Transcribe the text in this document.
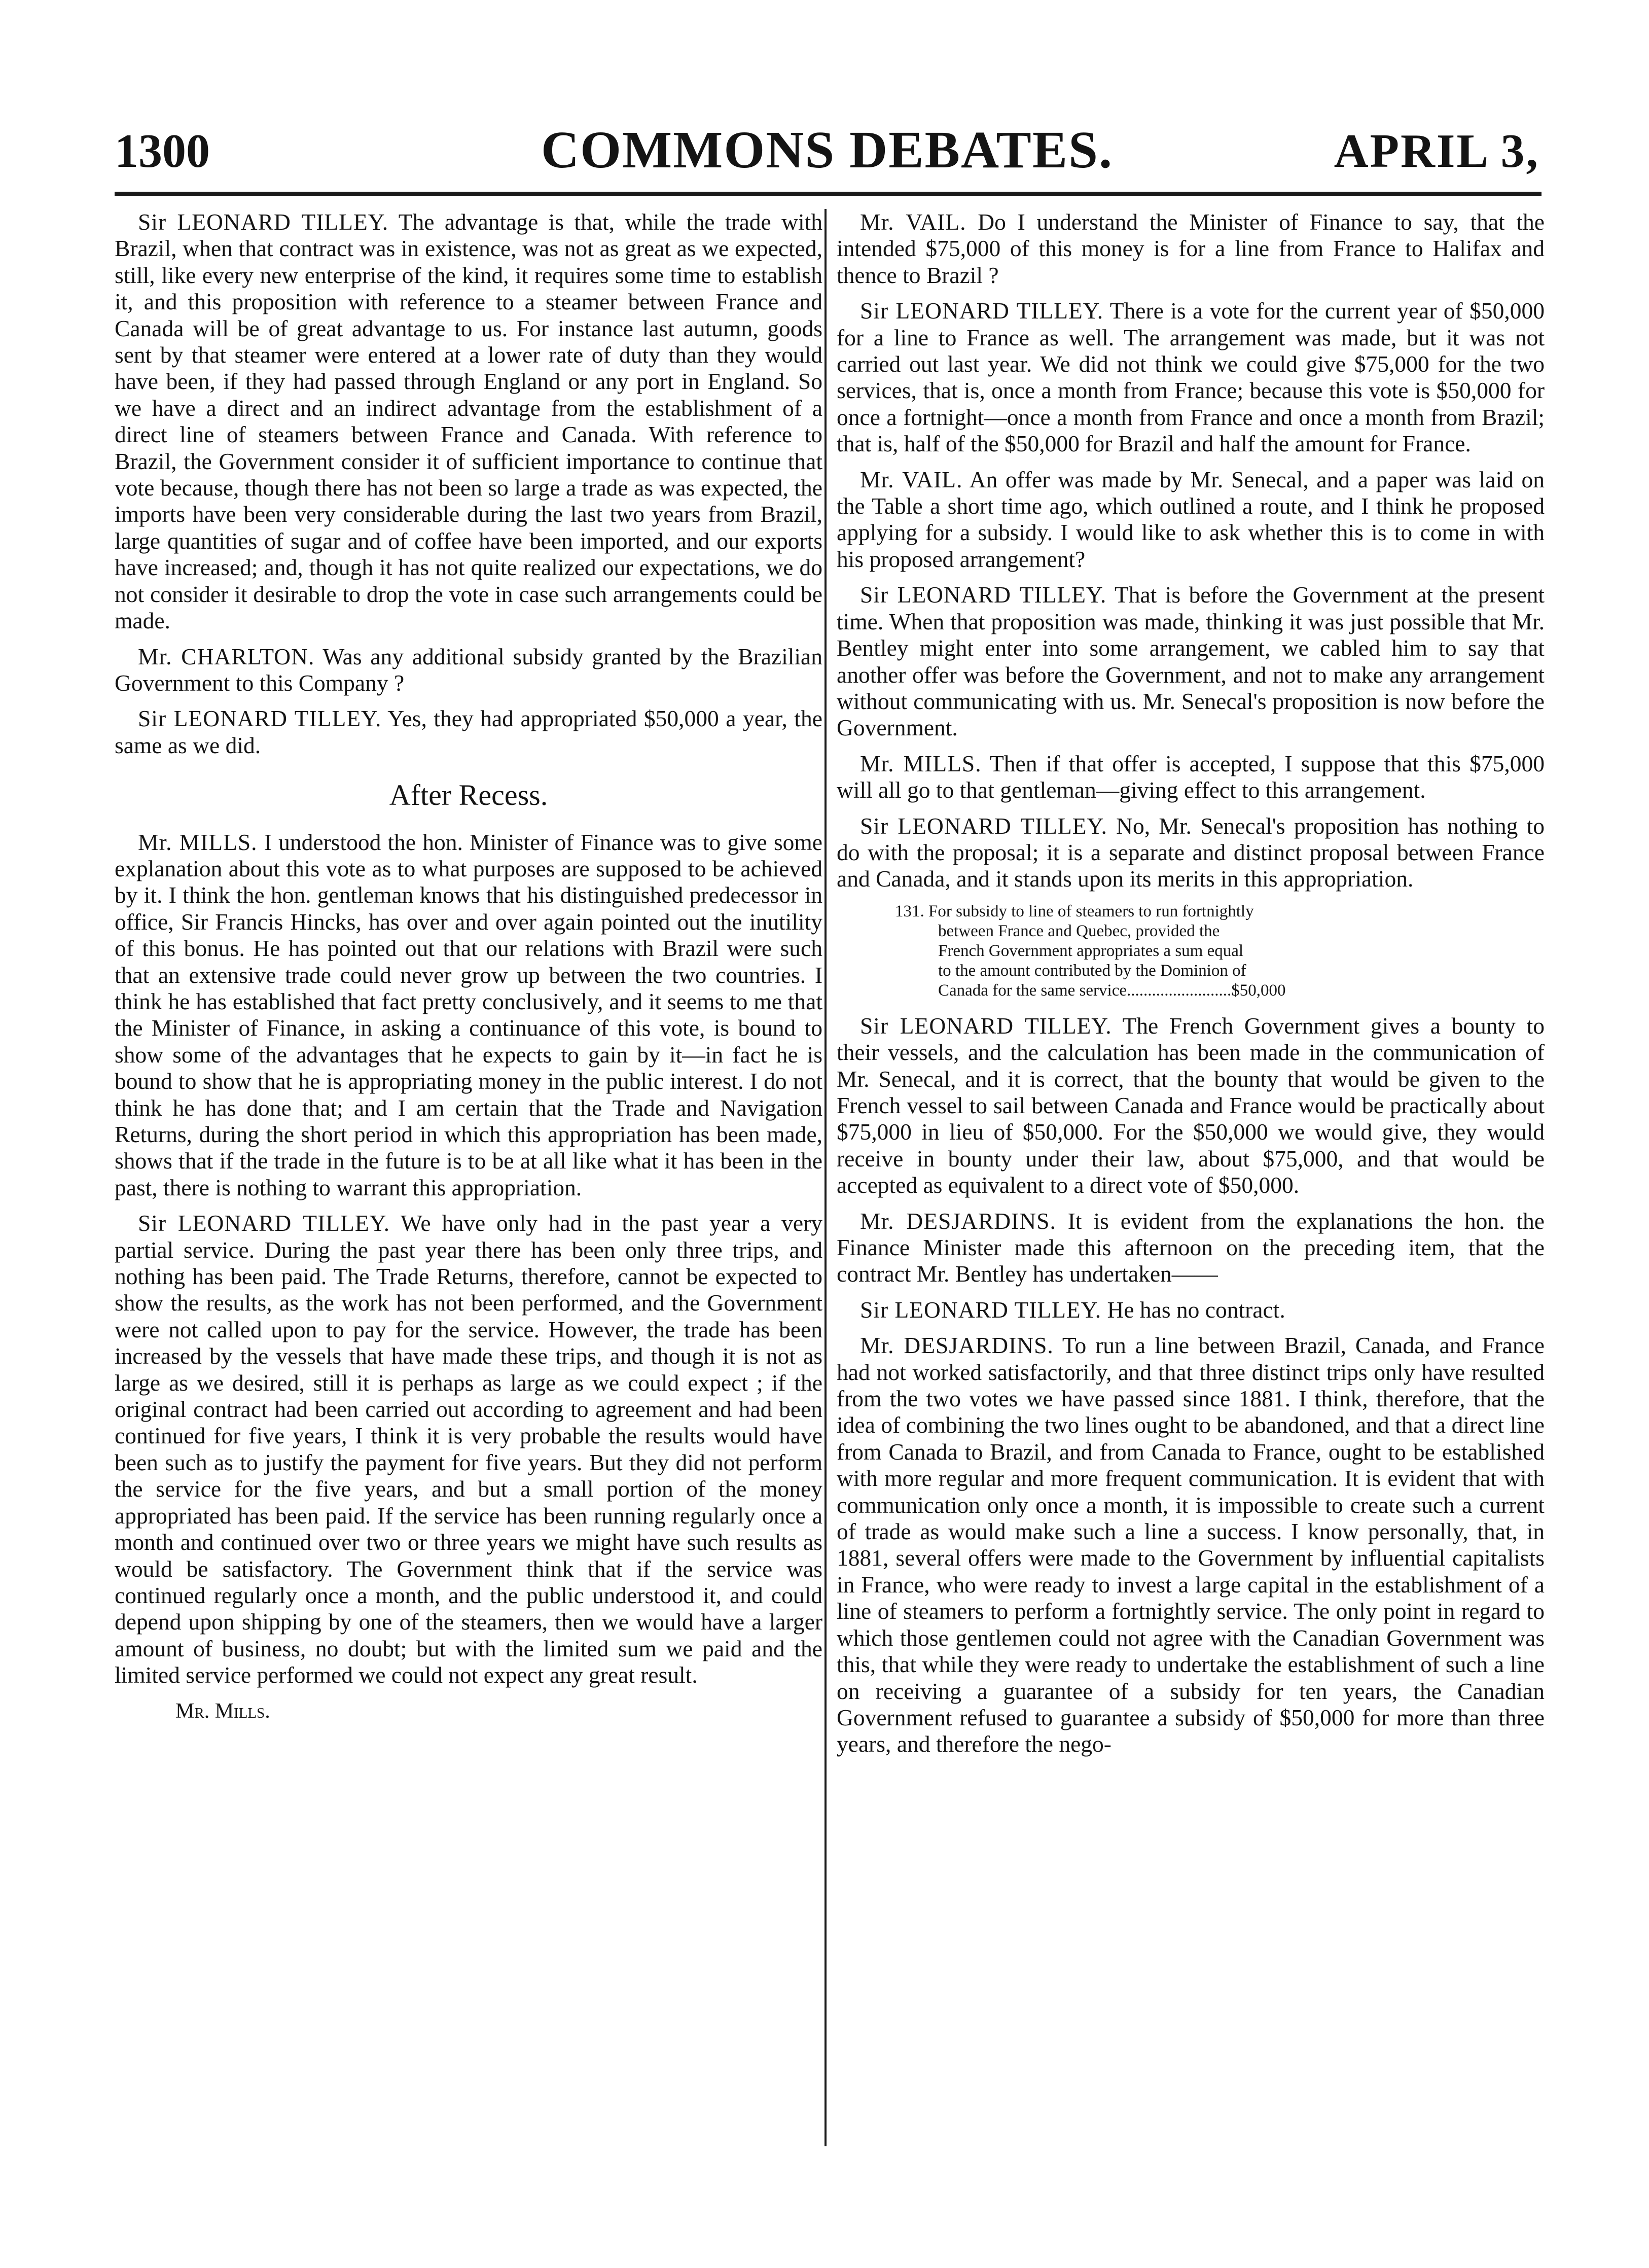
1300	COMMONS DEBATES.	APRIL 3,

Sir LEONARD TILLEY. The advantage is that, while the trade with Brazil, when that contract was in existence, was not as great as we expected, still, like every new enterprise of the kind, it requires some time to establish it, and this proposition with reference to a steamer between France and Canada will be of great advantage to us. For instance last autumn, goods sent by that steamer were entered at a lower rate of duty than they would have been, if they had passed through England or any port in England. So we have a direct and an indirect advantage from the establishment of a direct line of steamers between France and Canada. With reference to Brazil, the Government consider it of sufficient importance to continue that vote because, though there has not been so large a trade as was expected, the imports have been very considerable during the last two years from Brazil, large quantities of sugar and of coffee have been imported, and our exports have increased; and, though it has not quite realized our expectations, we do not consider it desirable to drop the vote in case such arrangements could be made.

Mr. CHARLTON. Was any additional subsidy granted by the Brazilian Government to this Company ?

Sir LEONARD TILLEY. Yes, they had appropriated $50,000 a year, the same as we did.

After Recess.

Mr. MILLS. I understood the hon. Minister of Finance was to give some explanation about this vote as to what purposes are supposed to be achieved by it. I think the hon. gentleman knows that his distinguished predecessor in office, Sir Francis Hincks, has over and over again pointed out the inutility of this bonus. He has pointed out that our relations with Brazil were such that an extensive trade could never grow up between the two countries. I think he has established that fact pretty conclusively, and it seems to me that the Minister of Finance, in asking a continuance of this vote, is bound to show some of the advantages that he expects to gain by it—in fact he is bound to show that he is appropriating money in the public interest. I do not think he has done that; and I am certain that the Trade and Navigation Returns, during the short period in which this appropriation has been made, shows that if the trade in the future is to be at all like what it has been in the past, there is nothing to warrant this appropriation.

Sir LEONARD TILLEY. We have only had in the past year a very partial service. During the past year there has been only three trips, and nothing has been paid. The Trade Returns, therefore, cannot be expected to show the results, as the work has not been performed, and the Government were not called upon to pay for the service. However, the trade has been increased by the vessels that have made these trips, and though it is not as large as we desired, still it is perhaps as large as we could expect ; if the original contract had been carried out according to agreement and had been continued for five years, I think it is very probable the results would have been such as to justify the payment for five years. But they did not perform the service for the five years, and but a small portion of the money appropriated has been paid. If the service has been running regularly once a month and continued over two or three years we might have such results as would be satisfactory. The Government think that if the service was continued regularly once a month, and the public understood it, and could depend upon shipping by one of the steamers, then we would have a larger amount of business, no doubt; but with the limited sum we paid and the limited service performed we could not expect any great result.

Mr. Mills.

Mr. VAIL. Do I understand the Minister of Finance to say, that the intended $75,000 of this money is for a line from France to Halifax and thence to Brazil ?

Sir LEONARD TILLEY. There is a vote for the current year of $50,000 for a line to France as well. The arrangement was made, but it was not carried out last year. We did not think we could give $75,000 for the two services, that is, once a month from France; because this vote is $50,000 for once a fortnight—once a month from France and once a month from Brazil; that is, half of the $50,000 for Brazil and half the amount for France.

Mr. VAIL. An offer was made by Mr. Senecal, and a paper was laid on the Table a short time ago, which outlined a route, and I think he proposed applying for a subsidy. I would like to ask whether this is to come in with his proposed arrangement?

Sir LEONARD TILLEY. That is before the Government at the present time. When that proposition was made, thinking it was just possible that Mr. Bentley might enter into some arrangement, we cabled him to say that another offer was before the Government, and not to make any arrangement without communicating with us. Mr. Senecal's proposition is now before the Government.

Mr. MILLS. Then if that offer is accepted, I suppose that this $75,000 will all go to that gentleman—giving effect to this arrangement.

Sir LEONARD TILLEY. No, Mr. Senecal's proposition has nothing to do with the proposal; it is a separate and distinct proposal between France and Canada, and it stands upon its merits in this appropriation.

131. For subsidy to line of steamers to run fortnightly
between France and Quebec, provided the
French Government appropriates a sum equal
to the amount contributed by the Dominion of
Canada for the same service.........................$50,000

Sir LEONARD TILLEY. The French Government gives a bounty to their vessels, and the calculation has been made in the communication of Mr. Senecal, and it is correct, that the bounty that would be given to the French vessel to sail between Canada and France would be practically about $75,000 in lieu of $50,000. For the $50,000 we would give, they would receive in bounty under their law, about $75,000, and that would be accepted as equivalent to a direct vote of $50,000.

Mr. DESJARDINS. It is evident from the explanations the hon. the Finance Minister made this afternoon on the preceding item, that the contract Mr. Bentley has undertaken——

Sir LEONARD TILLEY. He has no contract.

Mr. DESJARDINS. To run a line between Brazil, Canada, and France had not worked satisfactorily, and that three distinct trips only have resulted from the two votes we have passed since 1881. I think, therefore, that the idea of combining the two lines ought to be abandoned, and that a direct line from Canada to Brazil, and from Canada to France, ought to be established with more regular and more frequent communication. It is evident that with communication only once a month, it is impossible to create such a current of trade as would make such a line a success. I know personally, that, in 1881, several offers were made to the Government by influential capitalists in France, who were ready to invest a large capital in the establishment of a line of steamers to perform a fortnightly service. The only point in regard to which those gentlemen could not agree with the Canadian Government was this, that while they were ready to undertake the establishment of such a line on receiving a guarantee of a subsidy for ten years, the Canadian Government refused to guarantee a subsidy of $50,000 for more than three years, and therefore the nego-
